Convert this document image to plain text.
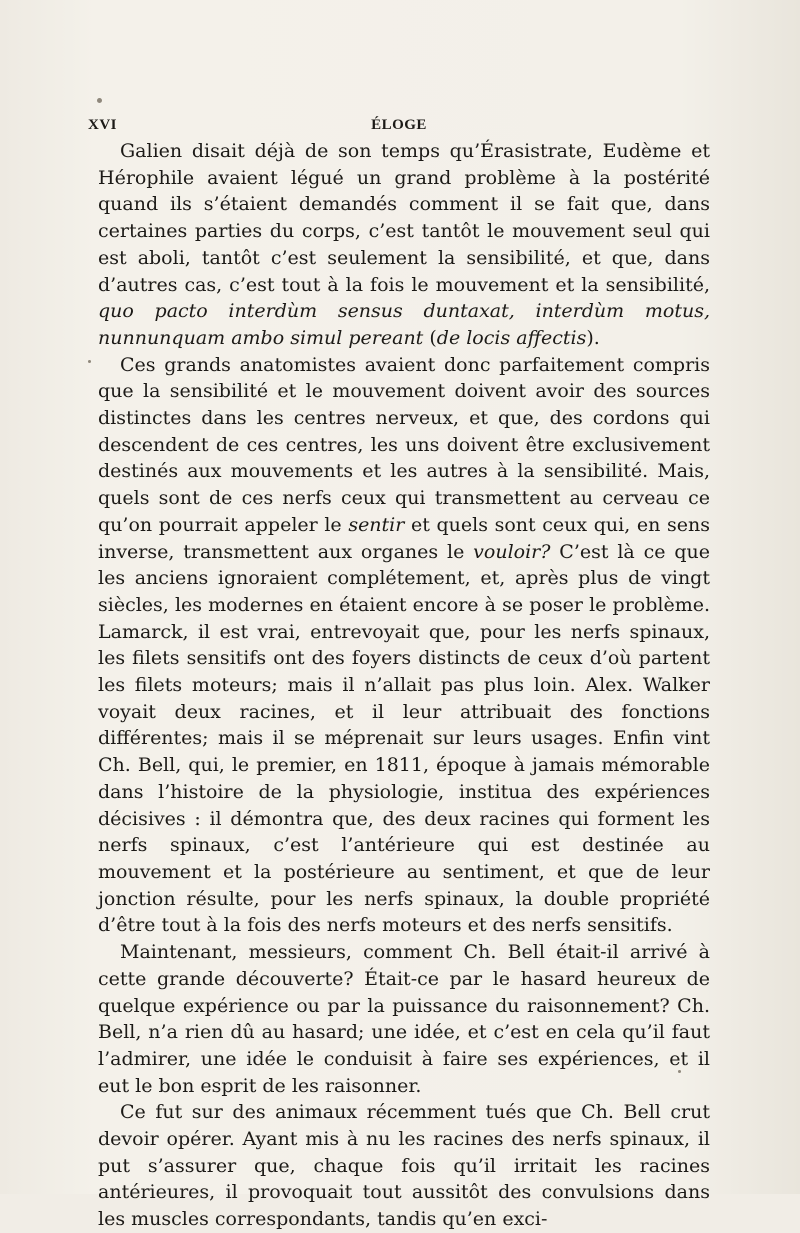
XVI	ÉLOGE

Galien disait déjà de son temps qu’Érasistrate, Eudème et Hérophile avaient légué un grand problème à la postérité quand ils s’étaient demandés comment il se fait que, dans certaines parties du corps, c’est tantôt le mouvement seul qui est aboli, tantôt c’est seulement la sensibilité, et que, dans d’autres cas, c’est tout à la fois le mouvement et la sensibilité, quo pacto interdùm sensus duntaxat, interdùm motus, nunnunquam ambo simul pereant (de locis affectis).

Ces grands anatomistes avaient donc parfaitement compris que la sensibilité et le mouvement doivent avoir des sources distinctes dans les centres nerveux, et que, des cordons qui descendent de ces centres, les uns doivent être exclusivement destinés aux mouvements et les autres à la sensibilité. Mais, quels sont de ces nerfs ceux qui transmettent au cerveau ce qu’on pourrait appeler le sentir et quels sont ceux qui, en sens inverse, transmettent aux organes le vouloir? C’est là ce que les anciens ignoraient complétement, et, après plus de vingt siècles, les modernes en étaient encore à se poser le problème. Lamarck, il est vrai, entrevoyait que, pour les nerfs spinaux, les filets sensitifs ont des foyers distincts de ceux d’où partent les filets moteurs; mais il n’allait pas plus loin. Alex. Walker voyait deux racines, et il leur attribuait des fonctions différentes; mais il se méprenait sur leurs usages. Enfin vint Ch. Bell, qui, le premier, en 1811, époque à jamais mémorable dans l’histoire de la physiologie, institua des expériences décisives : il démontra que, des deux racines qui forment les nerfs spinaux, c’est l’antérieure qui est destinée au mouvement et la postérieure au sentiment, et que de leur jonction résulte, pour les nerfs spinaux, la double propriété d’être tout à la fois des nerfs moteurs et des nerfs sensitifs.

Maintenant, messieurs, comment Ch. Bell était-il arrivé à cette grande découverte? Était-ce par le hasard heureux de quelque expérience ou par la puissance du raisonnement? Ch. Bell, n’a rien dû au hasard; une idée, et c’est en cela qu’il faut l’admirer, une idée le conduisit à faire ses expériences, et il eut le bon esprit de les raisonner.

Ce fut sur des animaux récemment tués que Ch. Bell crut devoir opérer. Ayant mis à nu les racines des nerfs spinaux, il put s’assurer que, chaque fois qu’il irritait les racines antérieures, il provoquait tout aussitôt des convulsions dans les muscles correspondants, tandis qu’en exci-
